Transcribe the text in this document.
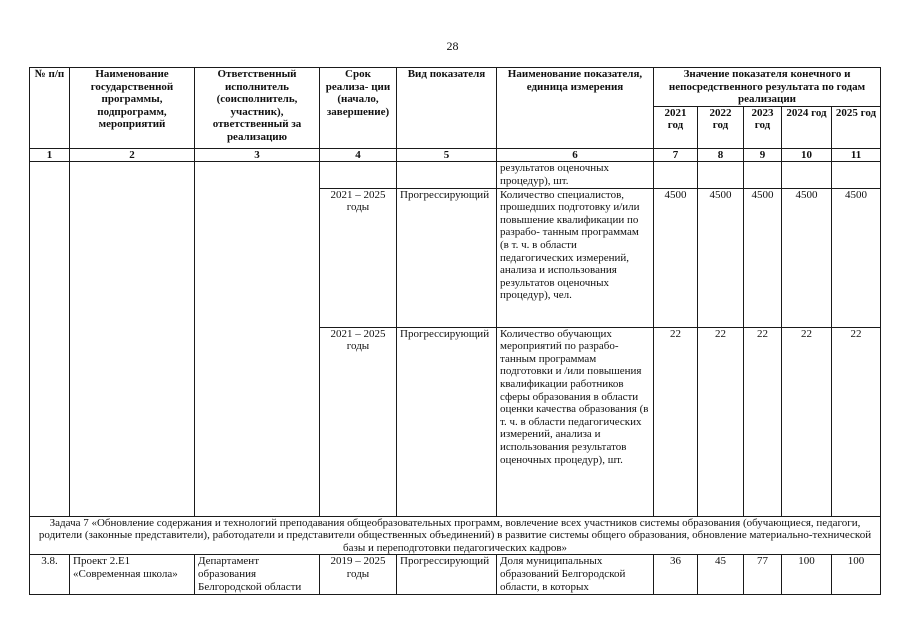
28
№ п/п	Наименование государственной программы, подпрограмм, мероприятий	Ответственный исполнитель (соисполнитель, участник), ответственный за реализацию	Срок реализа- ции (начало, завершение)	Вид показателя	Наименование показателя, единица измерения	Значение показателя конечного и непосредственного результата по годам реализации				
						2021 год	2022 год	2023 год	2024 год	2025 год
1	2	3	4	5	6	7	8	9	10	11
					результатов оценочных процедур), шт.					
			2021 – 2025 годы	Прогрессирующий	Количество специалистов, прошедших подготовку и/или повышение квалификации по разрабо- танным программам (в т. ч. в области педагогических измерений, анализа и использования результатов оценочных процедур), чел.	4500	4500	4500	4500	4500
			2021 – 2025 годы	Прогрессирующий	Количество обучающих мероприятий по разрабо- танным программам подготовки и /или повышения квалификации работников сферы образования в области оценки качества образования (в т. ч. в области педагогических измерений, анализа и использования результатов оценочных процедур), шт.	22	22	22	22	22
Задача 7 «Обновление содержания и технологий преподавания общеобразовательных программ, вовлечение всех участников системы образования (обучающиеся, педагоги, родители (законные представители), работодатели и представители общественных объединений) в развитие системы общего образования, обновление материально-технической базы и переподготовки педагогических кадров»										
3.8.	Проект 2.Е1 «Современная школа»	Департамент образования Белгородской области	2019 – 2025 годы	Прогрессирующий	Доля муниципальных образований Белгородской области, в которых	36	45	77	100	100
